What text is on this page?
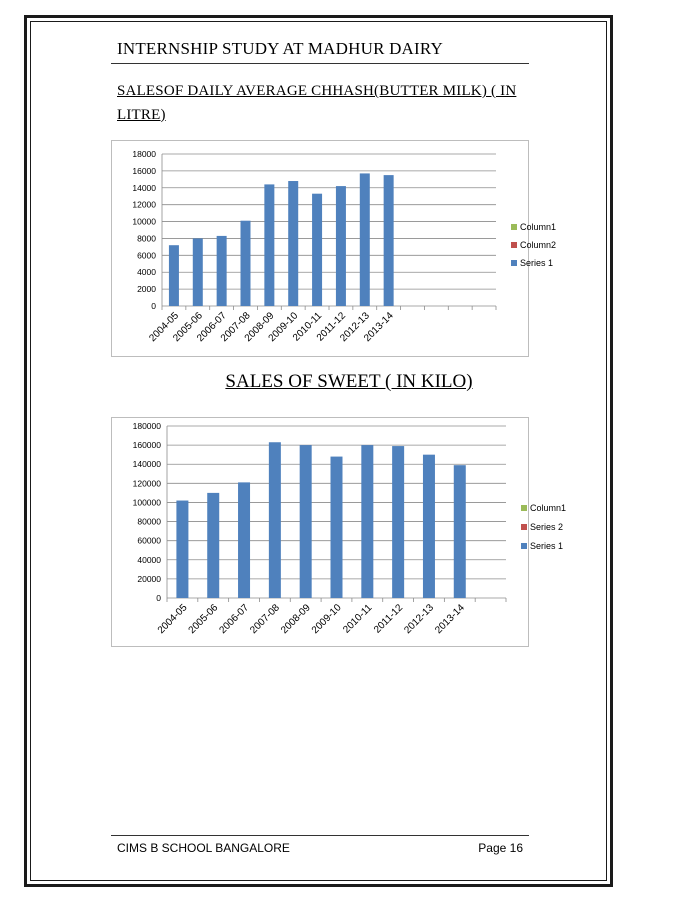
INTERNSHIP STUDY AT MADHUR DAIRY
SALESOF DAILY AVERAGE CHHASH(BUTTER MILK) ( IN LITRE)
0
2000
4000
6000
8000
10000
12000
14000
16000
18000
2004-05
2005-06
2006-07
2007-08
2008-09
2009-10
2010-11
2011-12
2012-13
2013-14
Column1
Column2
Series 1
SALES OF SWEET ( IN KILO)
0
20000
40000
60000
80000
100000
120000
140000
160000
180000
2004-05
2005-06
2006-07
2007-08
2008-09
2009-10
2010-11
2011-12
2012-13
2013-14
Column1
Series 2
Series 1
CIMS B SCHOOL BANGALORE	Page 16
